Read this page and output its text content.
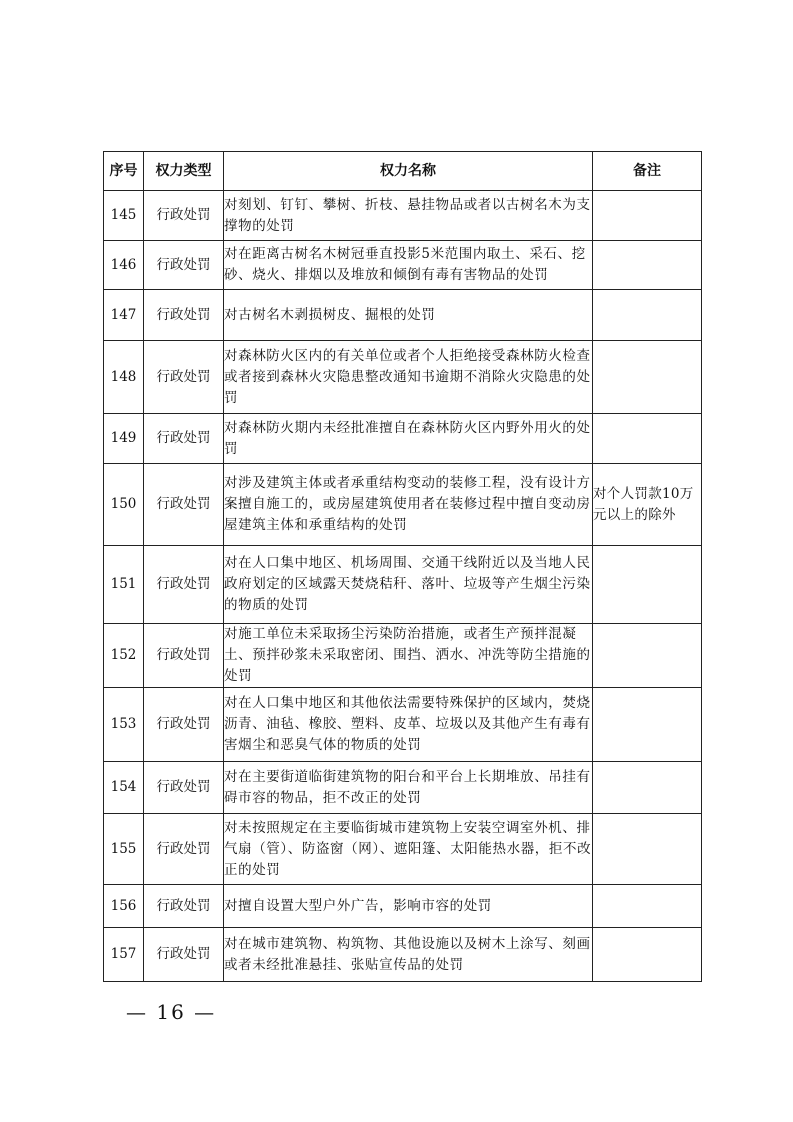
序号	权力类型	权力名称	备注
145	行政处罚	对刻划、钉钉、攀树、折枝、悬挂物品或者以古树名木为支撑物的处罚	
146	行政处罚	对在距离古树名木树冠垂直投影5米范围内取土、采石、挖砂、烧火、排烟以及堆放和倾倒有毒有害物品的处罚	
147	行政处罚	对古树名木剥损树皮、掘根的处罚	
148	行政处罚	对森林防火区内的有关单位或者个人拒绝接受森林防火检查或者接到森林火灾隐患整改通知书逾期不消除火灾隐患的处罚	
149	行政处罚	对森林防火期内未经批准擅自在森林防火区内野外用火的处罚	
150	行政处罚	对涉及建筑主体或者承重结构变动的装修工程，没有设计方案擅自施工的，或房屋建筑使用者在装修过程中擅自变动房屋建筑主体和承重结构的处罚	对个人罚款10万元以上的除外
151	行政处罚	对在人口集中地区、机场周围、交通干线附近以及当地人民政府划定的区域露天焚烧秸秆、落叶、垃圾等产生烟尘污染的物质的处罚	
152	行政处罚	对施工单位未采取扬尘污染防治措施，或者生产预拌混凝土、预拌砂浆未采取密闭、围挡、洒水、冲洗等防尘措施的处罚	
153	行政处罚	对在人口集中地区和其他依法需要特殊保护的区域内，焚烧沥青、油毡、橡胶、塑料、皮革、垃圾以及其他产生有毒有害烟尘和恶臭气体的物质的处罚	
154	行政处罚	对在主要街道临街建筑物的阳台和平台上长期堆放、吊挂有碍市容的物品，拒不改正的处罚	
155	行政处罚	对未按照规定在主要临街城市建筑物上安装空调室外机、排气扇（管）、防盗窗（网）、遮阳篷、太阳能热水器，拒不改正的处罚	
156	行政处罚	对擅自设置大型户外广告，影响市容的处罚	
157	行政处罚	对在城市建筑物、构筑物、其他设施以及树木上涂写、刻画或者未经批准悬挂、张贴宣传品的处罚	
— 16 —
